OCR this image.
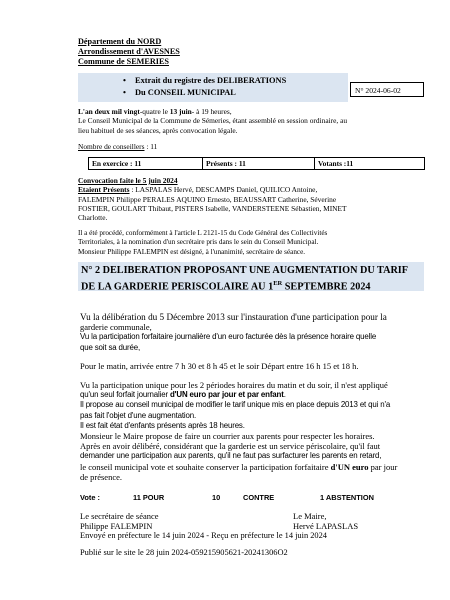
Département du NORD
Arrondissement d'AVESNES
Commune de SEMERIES
• Extrait du registre des DELIBERATIONS
• Du CONSEIL MUNICIPAL	N° 2024-06-02
L'an deux mil vingt-quatre le 13 juin- à 19 heures,
Le Conseil Municipal de la Commune de Sémeries, étant assemblé en session ordinaire, au
lieu habituel de ses séances, après convocation légale.
Nombre de conseillers : 11
En exercice : 11	Présents : 11	Votants :11
Convocation faite le 5 juin 2024
Etaient Présents : LASPALAS Hervé, DESCAMPS Daniel, QUILICO Antoine,
FALEMPIN Philippe PERALES AQUINO Ernesto, BEAUSSART Catherine, Séverine
FOSTIER, GOULART Thibaut, PISTERS Isabelle, VANDERSTEENE Sébastien, MINET
Charlotte.
Il a été procédé, conformément à l'article L 2121-15 du Code Général des Collectivités
Territoriales, à la nomination d'un secrétaire pris dans le sein du Conseil Municipal.
Monsieur Philippe FALEMPIN est désigné, à l'unanimité, secrétaire de séance.
N° 2 DELIBERATION PROPOSANT UNE AUGMENTATION DU TARIF
DE LA GARDERIE PERISCOLAIRE AU 1ER SEPTEMBRE 2024
Vu la délibération du 5 Décembre 2013 sur l'instauration d'une participation pour la
garderie communale,
Vu la participation forfaitaire journalière d'un euro facturée dès la présence horaire quelle
que soit sa durée,
Pour le matin, arrivée entre 7 h 30 et 8 h 45 et le soir Départ entre 16 h 15 et 18 h.
Vu la participation unique pour les 2 périodes horaires du matin et du soir, il n'est appliqué
qu'un seul forfait journalier d'UN euro par jour et par enfant.
Il propose au conseil municipal de modifier le tarif unique mis en place depuis 2013 et qui n'a
pas fait l'objet d'une augmentation.
Il est fait état d'enfants présents après 18 heures.
Monsieur le Maire propose de faire un courrier aux parents pour respecter les horaires.
Après en avoir délibéré, considérant que la garderie est un service périscolaire, qu'il faut
demander une participation aux parents, qu'il ne faut pas surfacturer les parents en retard,
le conseil municipal vote et souhaite conserver la participation forfaitaire d'UN euro par jour
de présence.
Vote :	11 POUR	10	CONTRE	1 ABSTENTION
Le secrétaire de séance
Philippe FALEMPIN
Le Maire,
Hervé LAPASLAS
Envoyé en préfecture le 14 juin 2024 - Reçu en préfecture le 14 juin 2024
Publié sur le site le 28 juin 2024-059215905621-20241306O2
